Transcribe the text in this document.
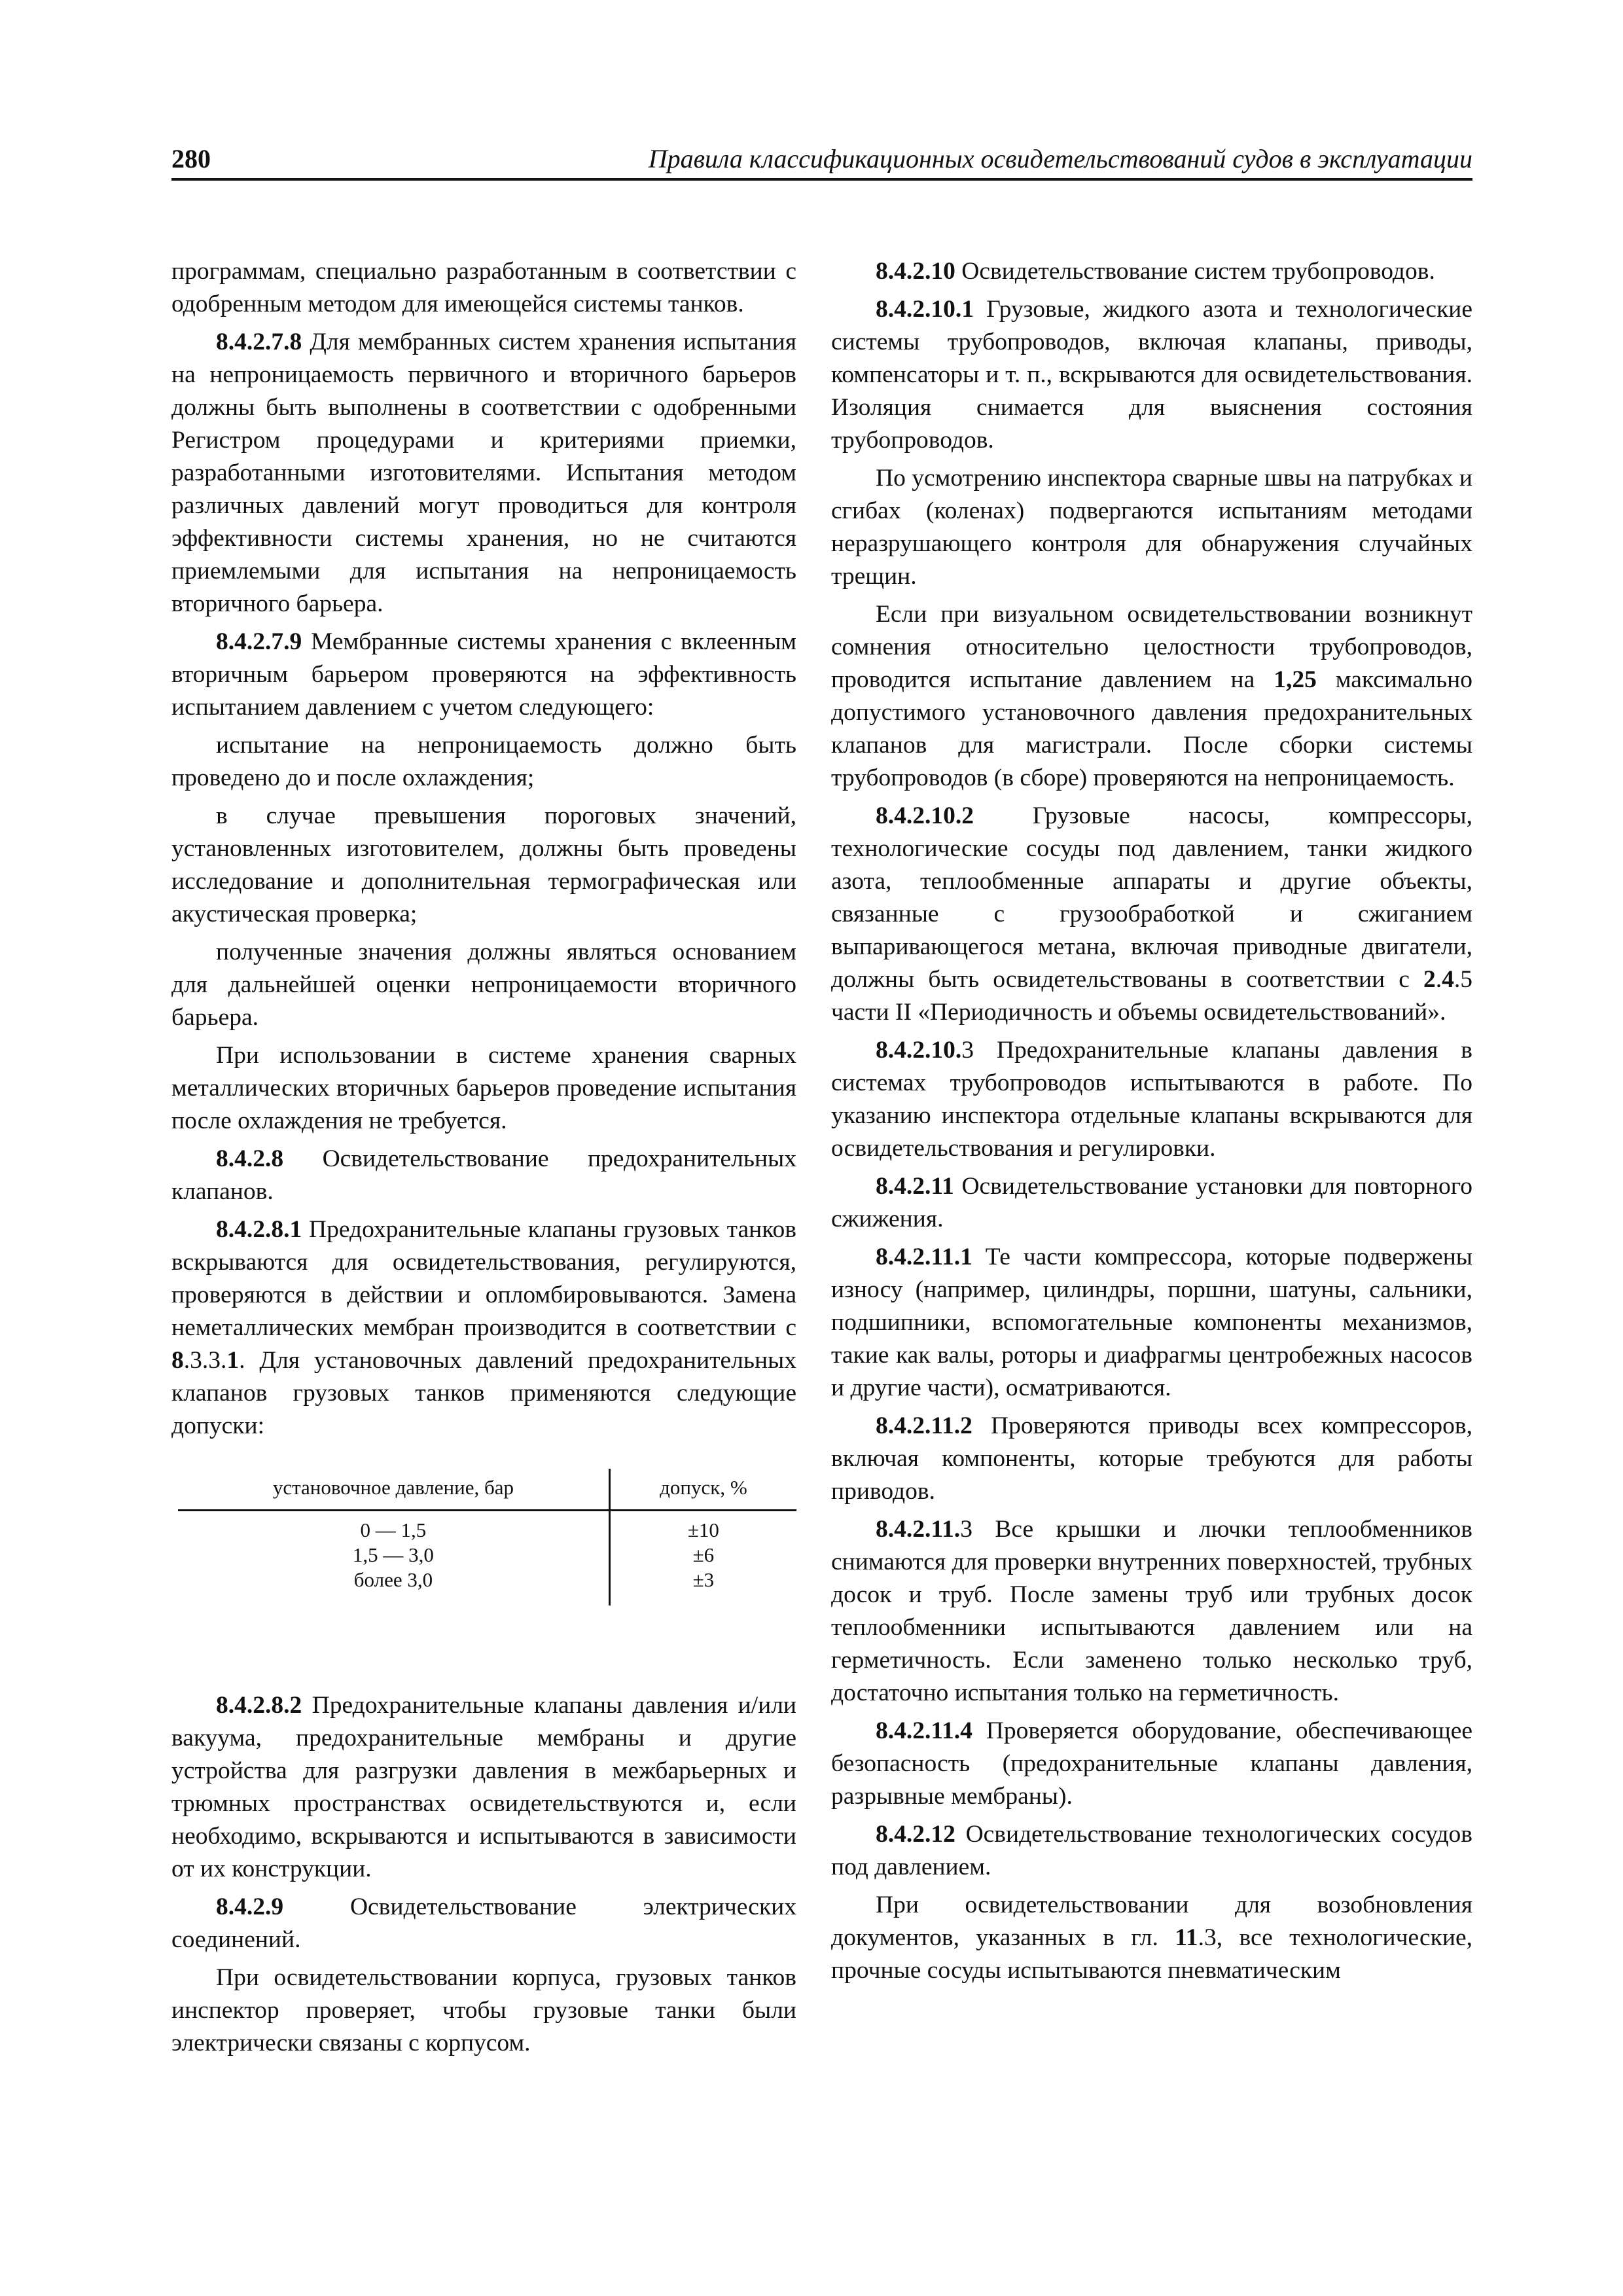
280	Правила классификационных освидетельствований судов в эксплуатации

программам, специально разработанным в соответствии с одобренным методом для имеющейся системы танков.

8.4.2.7.8 Для мембранных систем хранения испытания на непроницаемость первичного и вторичного барьеров должны быть выполнены в соответствии с одобренными Регистром процедурами и критериями приемки, разработанными изготовителями. Испытания методом различных давлений могут проводиться для контроля эффективности системы хранения, но не считаются приемлемыми для испытания на непроницаемость вторичного барьера.

8.4.2.7.9 Мембранные системы хранения с вклеенным вторичным барьером проверяются на эффективность испытанием давлением с учетом следующего:

испытание на непроницаемость должно быть проведено до и после охлаждения;

в случае превышения пороговых значений, установленных изготовителем, должны быть проведены исследование и дополнительная термографическая или акустическая проверка;

полученные значения должны являться основанием для дальнейшей оценки непроницаемости вторичного барьера.

При использовании в системе хранения сварных металлических вторичных барьеров проведение испытания после охлаждения не требуется.

8.4.2.8 Освидетельствование предохранительных клапанов.

8.4.2.8.1 Предохранительные клапаны грузовых танков вскрываются для освидетельствования, регулируются, проверяются в действии и опломбировываются. Замена неметаллических мембран производится в соответствии с 8.3.3.1. Для установочных давлений предохранительных клапанов грузовых танков применяются следующие допуски:

установочное давление, бар	допуск, %
0 — 1,5	±10
1,5 — 3,0	±6
более 3,0	±3

8.4.2.8.2 Предохранительные клапаны давления и/или вакуума, предохранительные мембраны и другие устройства для разгрузки давления в межбарьерных и трюмных пространствах освидетельствуются и, если необходимо, вскрываются и испытываются в зависимости от их конструкции.

8.4.2.9 Освидетельствование электрических соединений.

При освидетельствовании корпуса, грузовых танков инспектор проверяет, чтобы грузовые танки были электрически связаны с корпусом.

8.4.2.10 Освидетельствование систем трубопроводов.

8.4.2.10.1 Грузовые, жидкого азота и технологические системы трубопроводов, включая клапаны, приводы, компенсаторы и т. п., вскрываются для освидетельствования. Изоляция снимается для выяснения состояния трубопроводов.

По усмотрению инспектора сварные швы на патрубках и сгибах (коленах) подвергаются испытаниям методами неразрушающего контроля для обнаружения случайных трещин.

Если при визуальном освидетельствовании возникнут сомнения относительно целостности трубопроводов, проводится испытание давлением на 1,25 максимально допустимого установочного давления предохранительных клапанов для магистрали. После сборки системы трубопроводов (в сборе) проверяются на непроницаемость.

8.4.2.10.2 Грузовые насосы, компрессоры, технологические сосуды под давлением, танки жидкого азота, теплообменные аппараты и другие объекты, связанные с грузообработкой и сжиганием выпаривающегося метана, включая приводные двигатели, должны быть освидетельствованы в соответствии с 2.4.5 части II «Периодичность и объемы освидетельствований».

8.4.2.10.3 Предохранительные клапаны давления в системах трубопроводов испытываются в работе. По указанию инспектора отдельные клапаны вскрываются для освидетельствования и регулировки.

8.4.2.11 Освидетельствование установки для повторного сжижения.

8.4.2.11.1 Те части компрессора, которые подвержены износу (например, цилиндры, поршни, шатуны, сальники, подшипники, вспомогательные компоненты механизмов, такие как валы, роторы и диафрагмы центробежных насосов и другие части), осматриваются.

8.4.2.11.2 Проверяются приводы всех компрессоров, включая компоненты, которые требуются для работы приводов.

8.4.2.11.3 Все крышки и лючки теплообменников снимаются для проверки внутренних поверхностей, трубных досок и труб. После замены труб или трубных досок теплообменники испытываются давлением или на герметичность. Если заменено только несколько труб, достаточно испытания только на герметичность.

8.4.2.11.4 Проверяется оборудование, обеспечивающее безопасность (предохранительные клапаны давления, разрывные мембраны).

8.4.2.12 Освидетельствование технологических сосудов под давлением.

При освидетельствовании для возобновления документов, указанных в гл. 11.3, все технологические, прочные сосуды испытываются пневматическим
